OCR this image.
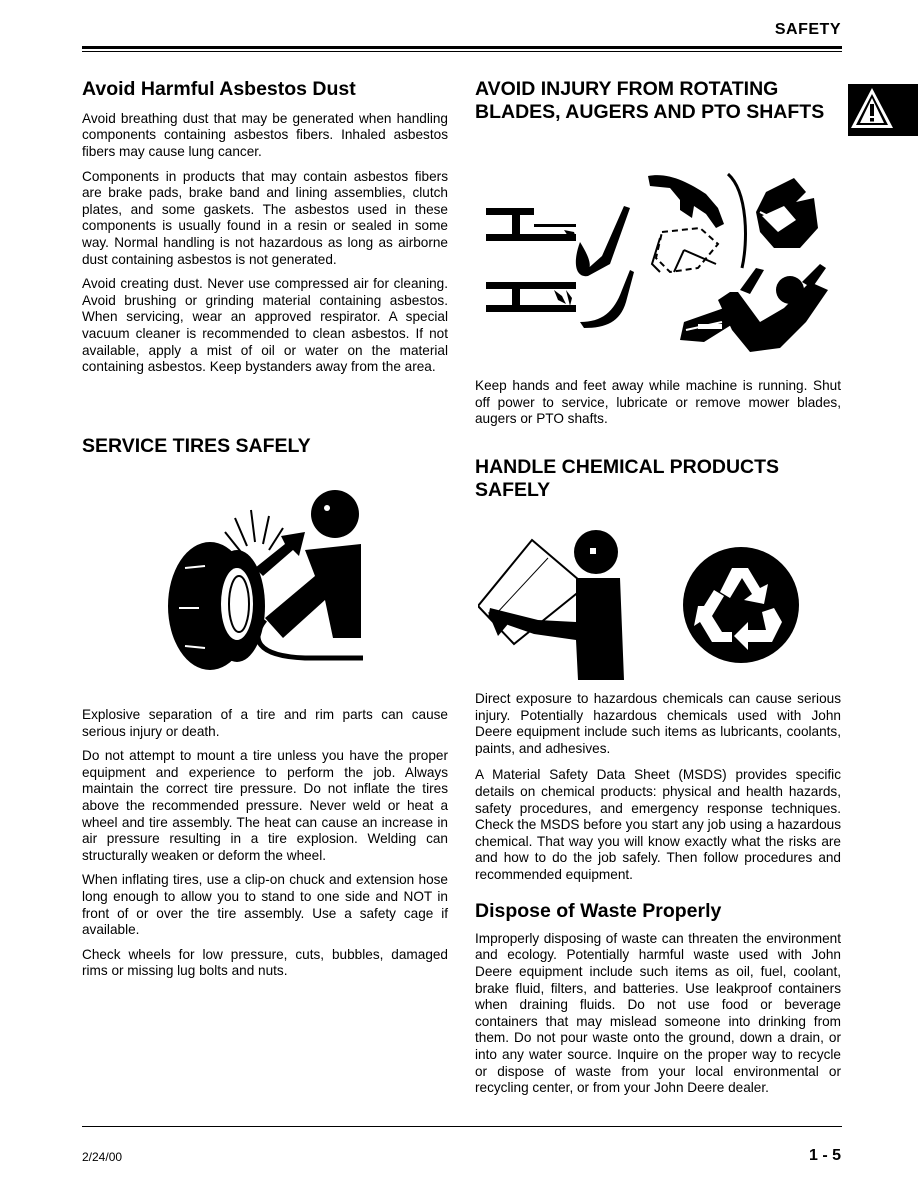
SAFETY
Avoid Harmful Asbestos Dust

Avoid breathing dust that may be generated when handling components containing asbestos fibers. Inhaled asbestos fibers may cause lung cancer.

Components in products that may contain asbestos fibers are brake pads, brake band and lining assemblies, clutch plates, and some gaskets. The asbestos used in these components is usually found in a resin or sealed in some way. Normal handling is not hazardous as long as airborne dust containing asbestos is not generated.

Avoid creating dust. Never use compressed air for cleaning. Avoid brushing or grinding material containing asbestos. When servicing, wear an approved respirator. A special vacuum cleaner is recommended to clean asbestos. If not available, apply a mist of oil or water on the material containing asbestos. Keep bystanders away from the area.

SERVICE TIRES SAFELY

Explosive separation of a tire and rim parts can cause serious injury or death.

Do not attempt to mount a tire unless you have the proper equipment and experience to perform the job. Always maintain the correct tire pressure. Do not inflate the tires above the recommended pressure. Never weld or heat a wheel and tire assembly. The heat can cause an increase in air pressure resulting in a tire explosion. Welding can structurally weaken or deform the wheel.

When inflating tires, use a clip-on chuck and extension hose long enough to allow you to stand to one side and NOT in front of or over the tire assembly. Use a safety cage if available.

Check wheels for low pressure, cuts, bubbles, damaged rims or missing lug bolts and nuts.

AVOID INJURY FROM ROTATING BLADES, AUGERS AND PTO SHAFTS

Keep hands and feet away while machine is running. Shut off power to service, lubricate or remove mower blades, augers or PTO shafts.

HANDLE CHEMICAL PRODUCTS SAFELY

Direct exposure to hazardous chemicals can cause serious injury. Potentially hazardous chemicals used with John Deere equipment include such items as lubricants, coolants, paints, and adhesives.

A Material Safety Data Sheet (MSDS) provides specific details on chemical products: physical and health hazards, safety procedures, and emergency response techniques. Check the MSDS before you start any job using a hazardous chemical. That way you will know exactly what the risks are and how to do the job safely. Then follow procedures and recommended equipment.

Dispose of Waste Properly

Improperly disposing of waste can threaten the environment and ecology. Potentially harmful waste used with John Deere equipment include such items as oil, fuel, coolant, brake fluid, filters, and batteries. Use leakproof containers when draining fluids. Do not use food or beverage containers that may mislead someone into drinking from them. Do not pour waste onto the ground, down a drain, or into any water source. Inquire on the proper way to recycle or dispose of waste from your local environmental or recycling center, or from your John Deere dealer.

2/24/00	1 - 5
